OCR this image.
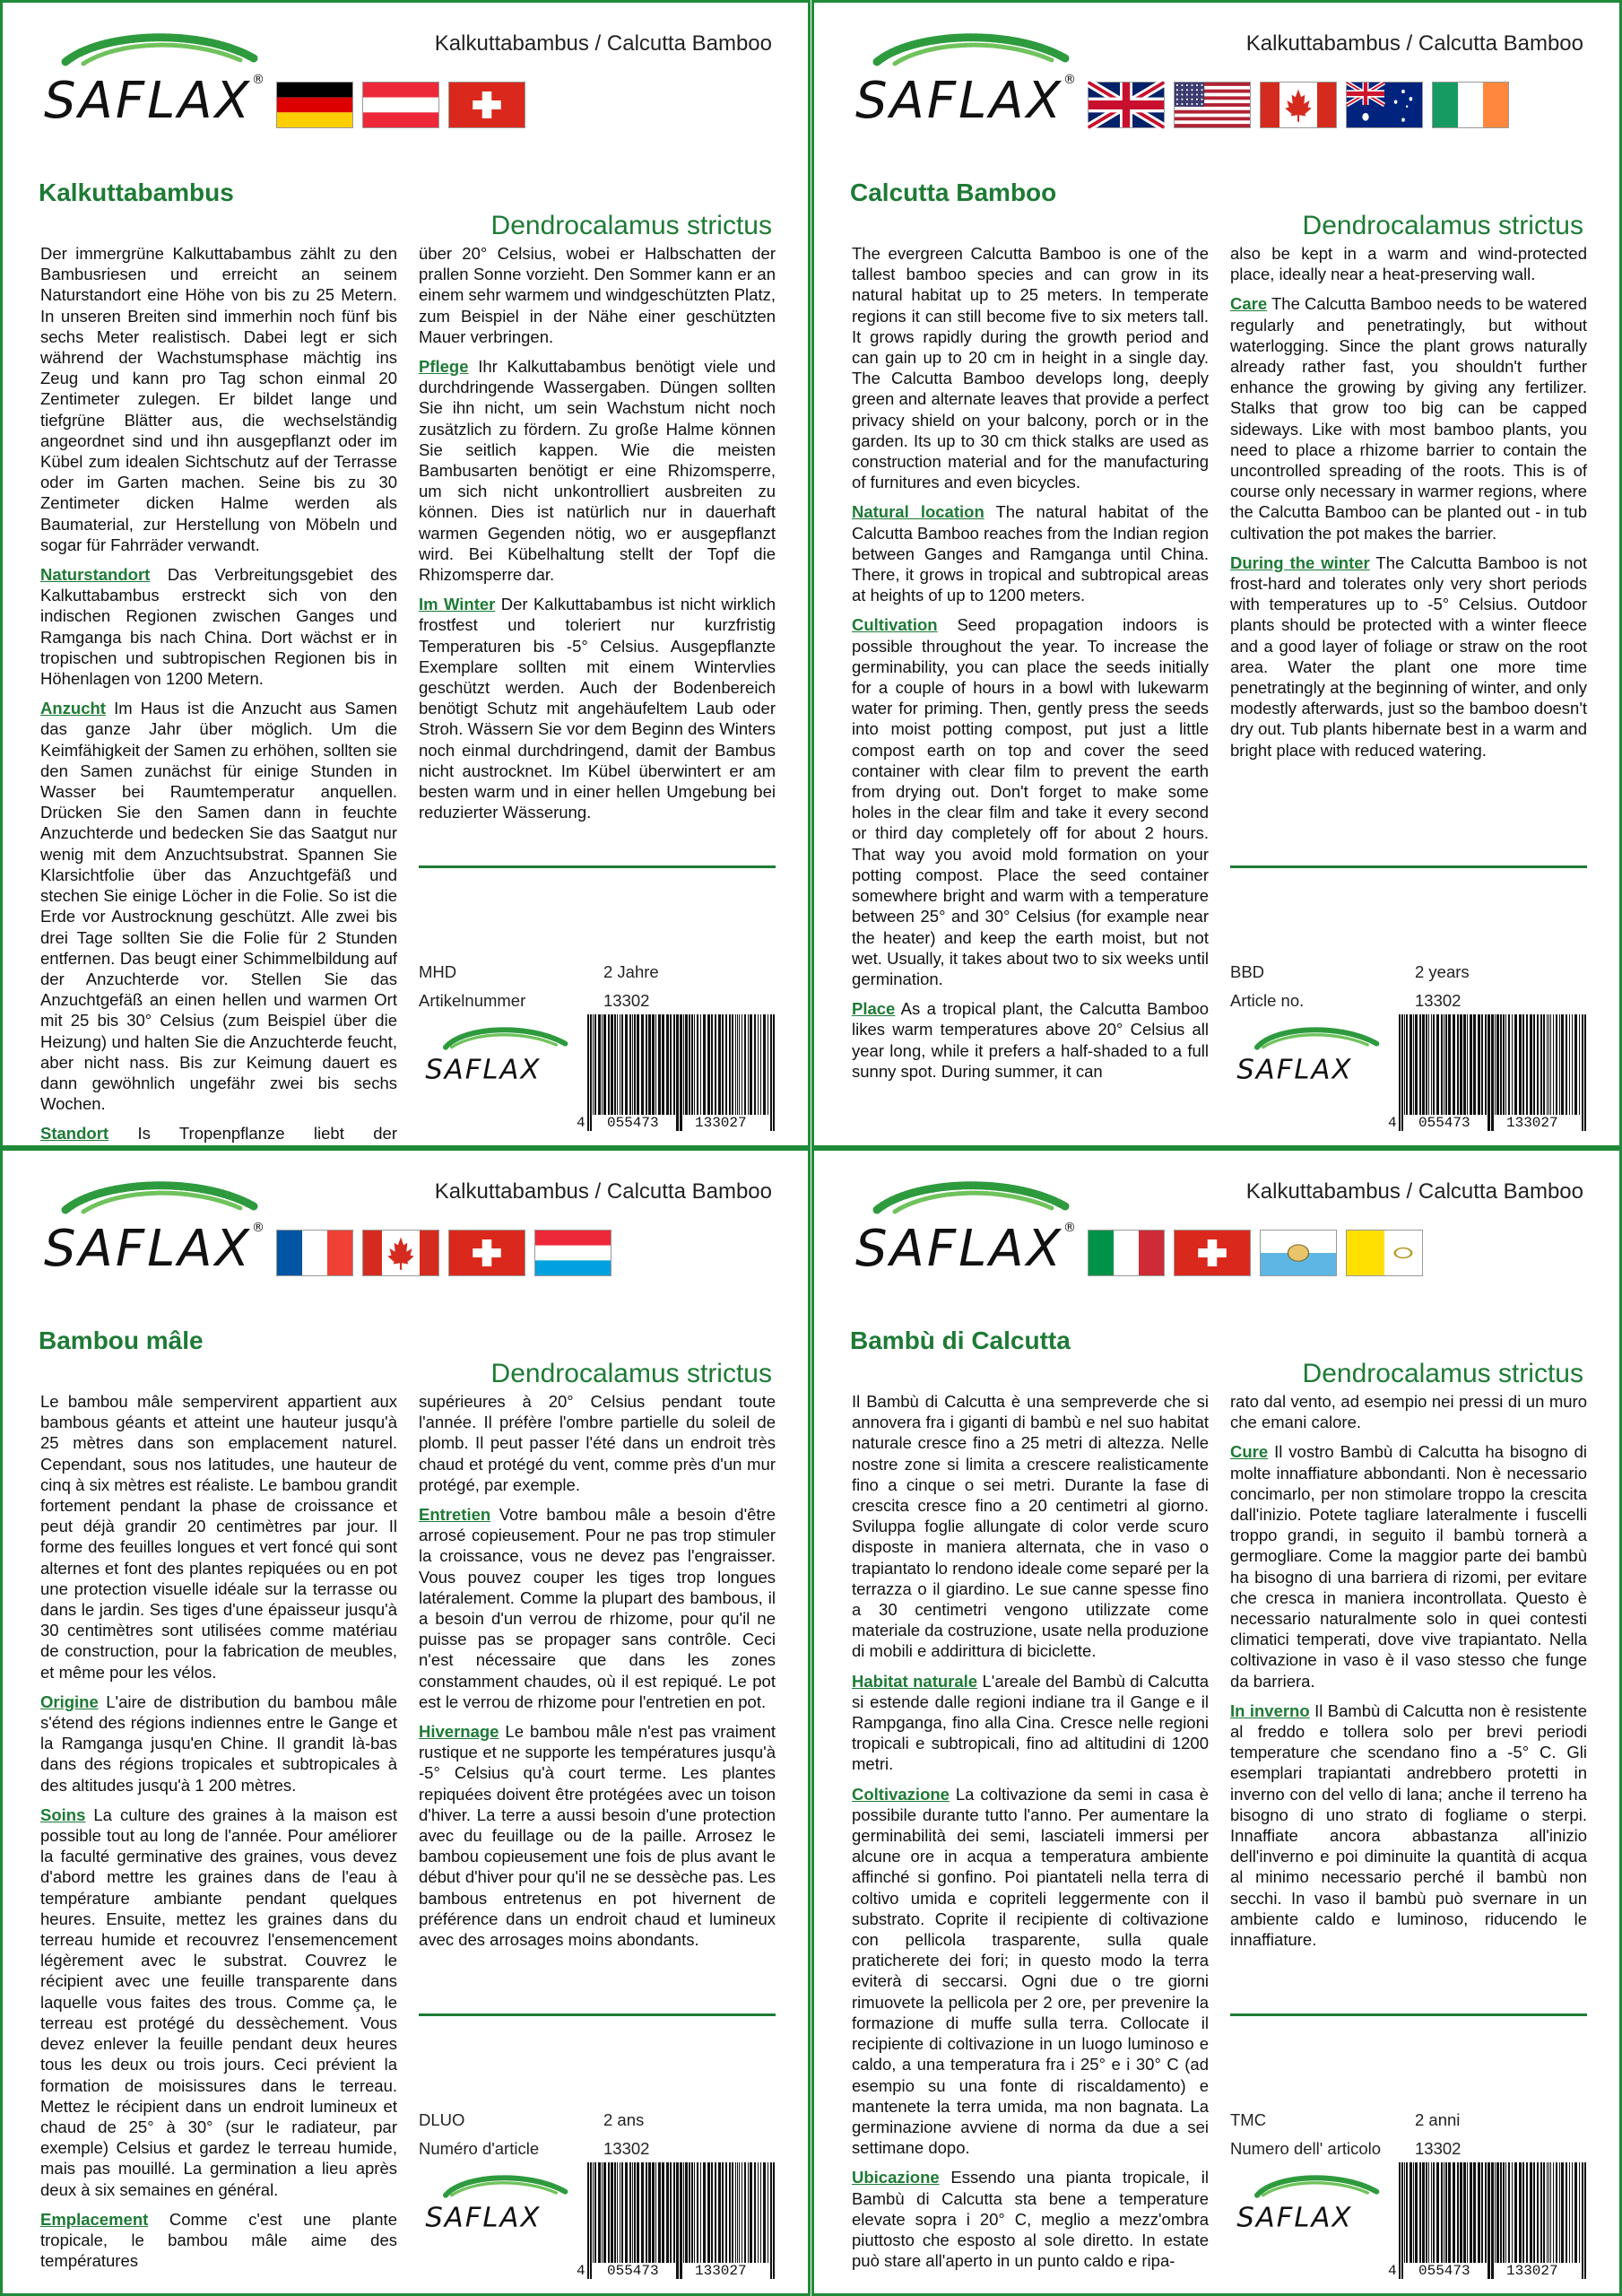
Kalkuttabambus / Calcutta Bamboo
SAFLAX ®
Kalkuttabambus
Dendrocalamus strictus

Der immergrüne Kalkuttabambus zählt zu den Bambusriesen und erreicht an seinem Naturstandort eine Höhe von bis zu 25 Metern. In unseren Breiten sind immerhin noch fünf bis sechs Meter realistisch. Dabei legt er sich während der Wachstumsphase mächtig ins Zeug und kann pro Tag schon einmal 20 Zentimeter zulegen. Er bildet lange und tiefgrüne Blätter aus, die wechselständig angeordnet sind und ihn ausgepflanzt oder im Kübel zum idealen Sichtschutz auf der Terrasse oder im Garten machen. Seine bis zu 30 Zentimeter dicken Halme werden als Baumaterial, zur Herstellung von Möbeln und sogar für Fahrräder verwandt.

Naturstandort Das Verbreitungsgebiet des Kalkuttabambus erstreckt sich von den indischen Regionen zwischen Ganges und Ramganga bis nach China. Dort wächst er in tropischen und subtropischen Regionen bis in Höhenlagen von 1200 Metern.

Anzucht Im Haus ist die Anzucht aus Samen das ganze Jahr über möglich. Um die Keimfähigkeit der Samen zu erhöhen, sollten sie den Samen zunächst für einige Stunden in Wasser bei Raumtemperatur anquellen. Drücken Sie den Samen dann in feuchte Anzuchterde und bedecken Sie das Saatgut nur wenig mit dem Anzuchtsubstrat. Spannen Sie Klarsichtfolie über das Anzuchtgefäß und stechen Sie einige Löcher in die Folie. So ist die Erde vor Austrocknung geschützt. Alle zwei bis drei Tage sollten Sie die Folie für 2 Stunden entfernen. Das beugt einer Schimmelbildung auf der Anzuchterde vor. Stellen Sie das Anzuchtgefäß an einen hellen und warmen Ort mit 25 bis 30° Celsius (zum Beispiel über die Heizung) und halten Sie die Anzuchterde feucht, aber nicht nass. Bis zur Keimung dauert es dann gewöhnlich ungefähr zwei bis sechs Wochen.

Standort Is Tropenpflanze liebt der

über 20° Celsius, wobei er Halbschatten der prallen Sonne vorzieht. Den Sommer kann er an einem sehr warmem und windgeschützten Platz, zum Beispiel in der Nähe einer geschützten Mauer verbringen.

Pflege Ihr Kalkuttabambus benötigt viele und durchdringende Wassergaben. Düngen sollten Sie ihn nicht, um sein Wachstum nicht noch zusätzlich zu fördern. Zu große Halme können Sie seitlich kappen. Wie die meisten Bambusarten benötigt er eine Rhizomsperre, um sich nicht unkontrolliert ausbreiten zu können. Dies ist natürlich nur in dauerhaft warmen Gegenden nötig, wo er ausgepflanzt wird. Bei Kübelhaltung stellt der Topf die Rhizomsperre dar.

Im Winter Der Kalkuttabambus ist nicht wirklich frostfest und toleriert nur kurzfristig Temperaturen bis -5° Celsius. Ausgepflanzte Exemplare sollten mit einem Wintervlies geschützt werden. Auch der Bodenbereich benötigt Schutz mit angehäufeltem Laub oder Stroh. Wässern Sie vor dem Beginn des Winters noch einmal durchdringend, damit der Bambus nicht austrocknet. Im Kübel überwintert er am besten warm und in einer hellen Umgebung bei reduzierter Wässerung.

MHD	2 Jahre
Artikelnummer	13302
SAFLAX
4 055473	133027
Kalkuttabambus / Calcutta Bamboo
SAFLAX ®
Calcutta Bamboo
Dendrocalamus strictus

The evergreen Calcutta Bamboo is one of the tallest bamboo species and can grow in its natural habitat up to 25 meters. In temperate regions it can still become five to six meters tall. It grows rapidly during the growth period and can gain up to 20 cm in height in a single day. The Calcutta Bamboo develops long, deeply green and alternate leaves that provide a perfect privacy shield on your balcony, porch or in the garden. Its up to 30 cm thick stalks are used as construction material and for the manufacturing of furnitures and even bicycles.

Natural location The natural habitat of the Calcutta Bamboo reaches from the Indian region between Ganges and Ramganga until China. There, it grows in tropical and subtropical areas at heights of up to 1200 meters.

Cultivation Seed propagation indoors is possible throughout the year. To increase the germinability, you can place the seeds initially for a couple of hours in a bowl with lukewarm water for priming. Then, gently press the seeds into moist potting compost, put just a little compost earth on top and cover the seed container with clear film to prevent the earth from drying out. Don't forget to make some holes in the clear film and take it every second or third day completely off for about 2 hours. That way you avoid mold formation on your potting compost. Place the seed container somewhere bright and warm with a temperature between 25° and 30° Celsius (for example near the heater) and keep the earth moist, but not wet. Usually, it takes about two to six weeks until germination.

Place As a tropical plant, the Calcutta Bamboo likes warm temperatures above 20° Celsius all year long, while it prefers a half-shaded to a full sunny spot. During summer, it can

also be kept in a warm and wind-protected place, ideally near a heat-preserving wall.

Care The Calcutta Bamboo needs to be watered regularly and penetratingly, but without waterlogging. Since the plant grows naturally already rather fast, you shouldn't further enhance the growing by giving any fertilizer. Stalks that grow too big can be capped sideways. Like with most bamboo plants, you need to place a rhizome barrier to contain the uncontrolled spreading of the roots. This is of course only necessary in warmer regions, where the Calcutta Bamboo can be planted out - in tub cultivation the pot makes the barrier.

During the winter The Calcutta Bamboo is not frost-hard and tolerates only very short periods with temperatures up to -5° Celsius. Outdoor plants should be protected with a winter fleece and a good layer of foliage or straw on the root area. Water the plant one more time penetratingly at the beginning of winter, and only modestly afterwards, just so the bamboo doesn't dry out. Tub plants hibernate best in a warm and bright place with reduced watering.

BBD	2 years
Article no.	13302
SAFLAX
4 055473	133027
Kalkuttabambus / Calcutta Bamboo
SAFLAX ®
Bambou mâle
Dendrocalamus strictus

Le bambou mâle sempervirent appartient aux bambous géants et atteint une hauteur jusqu'à 25 mètres dans son emplacement naturel. Cependant, sous nos latitudes, une hauteur de cinq à six mètres est réaliste. Le bambou grandit fortement pendant la phase de croissance et peut déjà grandir 20 centimètres par jour. Il forme des feuilles longues et vert foncé qui sont alternes et font des plantes repiquées ou en pot une protection visuelle idéale sur la terrasse ou dans le jardin. Ses tiges d'une épaisseur jusqu'à 30 centimètres sont utilisées comme matériau de construction, pour la fabrication de meubles, et même pour les vélos.

Origine L'aire de distribution du bambou mâle s'étend des régions indiennes entre le Gange et la Ramganga jusqu'en Chine. Il grandit là-bas dans des régions tropicales et subtropicales à des altitudes jusqu'à 1 200 mètres.

Soins La culture des graines à la maison est possible tout au long de l'année. Pour améliorer la faculté germinative des graines, vous devez d'abord mettre les graines dans de l'eau à température ambiante pendant quelques heures. Ensuite, mettez les graines dans du terreau humide et recouvrez l'ensemencement légèrement avec le substrat. Couvrez le récipient avec une feuille transparente dans laquelle vous faites des trous. Comme ça, le terreau est protégé du dessèchement. Vous devez enlever la feuille pendant deux heures tous les deux ou trois jours. Ceci prévient la formation de moisissures dans le terreau. Mettez le récipient dans un endroit lumineux et chaud de 25° à 30° (sur le radiateur, par exemple) Celsius et gardez le terreau humide, mais pas mouillé. La germination a lieu après deux à six semaines en général.

Emplacement Comme c'est une plante tropicale, le bambou mâle aime des températures

supérieures à 20° Celsius pendant toute l'année. Il préfère l'ombre partielle du soleil de plomb. Il peut passer l'été dans un endroit très chaud et protégé du vent, comme près d'un mur protégé, par exemple.

Entretien Votre bambou mâle a besoin d'être arrosé copieusement. Pour ne pas trop stimuler la croissance, vous ne devez pas l'engraisser. Vous pouvez couper les tiges trop longues latéralement. Comme la plupart des bambous, il a besoin d'un verrou de rhizome, pour qu'il ne puisse pas se propager sans contrôle. Ceci n'est nécessaire que dans les zones constamment chaudes, où il est repiqué. Le pot est le verrou de rhizome pour l'entretien en pot.

Hivernage Le bambou mâle n'est pas vraiment rustique et ne supporte les températures jusqu'à -5° Celsius qu'à court terme. Les plantes repiquées doivent être protégées avec un toison d'hiver. La terre a aussi besoin d'une protection avec du feuillage ou de la paille. Arrosez le bambou copieusement une fois de plus avant le début d'hiver pour qu'il ne se dessèche pas. Les bambous entretenus en pot hivernent de préférence dans un endroit chaud et lumineux avec des arrosages moins abondants.

DLUO	2 ans
Numéro d'article	13302
SAFLAX
4 055473	133027
Kalkuttabambus / Calcutta Bamboo
SAFLAX ®
Bambù di Calcutta
Dendrocalamus strictus

Il Bambù di Calcutta è una sempreverde che si annovera fra i giganti di bambù e nel suo habitat naturale cresce fino a 25 metri di altezza. Nelle nostre zone si limita a crescere realisticamente fino a cinque o sei metri. Durante la fase di crescita cresce fino a 20 centimetri al giorno. Sviluppa foglie allungate di color verde scuro disposte in maniera alternata, che in vaso o trapiantato lo rendono ideale come separé per la terrazza o il giardino. Le sue canne spesse fino a 30 centimetri vengono utilizzate come materiale da costruzione, usate nella produzione di mobili e addirittura di biciclette.

Habitat naturale L'areale del Bambù di Calcutta si estende dalle regioni indiane tra il Gange e il Rampganga, fino alla Cina. Cresce nelle regioni tropicali e subtropicali, fino ad altitudini di 1200 metri.

Coltivazione La coltivazione da semi in casa è possibile durante tutto l'anno. Per aumentare la germinabilità dei semi, lasciateli immersi per alcune ore in acqua a temperatura ambiente affinché si gonfino. Poi piantateli nella terra di coltivo umida e copriteli leggermente con il substrato. Coprite il recipiente di coltivazione con pellicola trasparente, sulla quale praticherete dei fori; in questo modo la terra eviterà di seccarsi. Ogni due o tre giorni rimuovete la pellicola per 2 ore, per prevenire la formazione di muffe sulla terra. Collocate il recipiente di coltivazione in un luogo luminoso e caldo, a una temperatura fra i 25° e i 30° C (ad esempio su una fonte di riscaldamento) e mantenete la terra umida, ma non bagnata. La germinazione avviene di norma da due a sei settimane dopo.

Ubicazione Essendo una pianta tropicale, il Bambù di Calcutta sta bene a temperature elevate sopra i 20° C, meglio a mezz'ombra piuttosto che esposto al sole diretto. In estate può stare all'aperto in un punto caldo e ripa-

rato dal vento, ad esempio nei pressi di un muro che emani calore.

Cure Il vostro Bambù di Calcutta ha bisogno di molte innaffiature abbondanti. Non è necessario concimarlo, per non stimolare troppo la crescita dall'inizio. Potete tagliare lateralmente i fuscelli troppo grandi, in seguito il bambù tornerà a germogliare. Come la maggior parte dei bambù ha bisogno di una barriera di rizomi, per evitare che cresca in maniera incontrollata. Questo è necessario naturalmente solo in quei contesti climatici temperati, dove vive trapiantato. Nella coltivazione in vaso è il vaso stesso che funge da barriera.

In inverno Il Bambù di Calcutta non è resistente al freddo e tollera solo per brevi periodi temperature che scendano fino a -5° C. Gli esemplari trapiantati andrebbero protetti in inverno con del vello di lana; anche il terreno ha bisogno di uno strato di fogliame o sterpi. Innaffiate ancora abbastanza all'inizio dell'inverno e poi diminuite la quantità di acqua al minimo necessario perché il bambù non secchi. In vaso il bambù può svernare in un ambiente caldo e luminoso, riducendo le innaffiature.

TMC	2 anni
Numero dell' articolo 13302
SAFLAX
4 055473	133027
